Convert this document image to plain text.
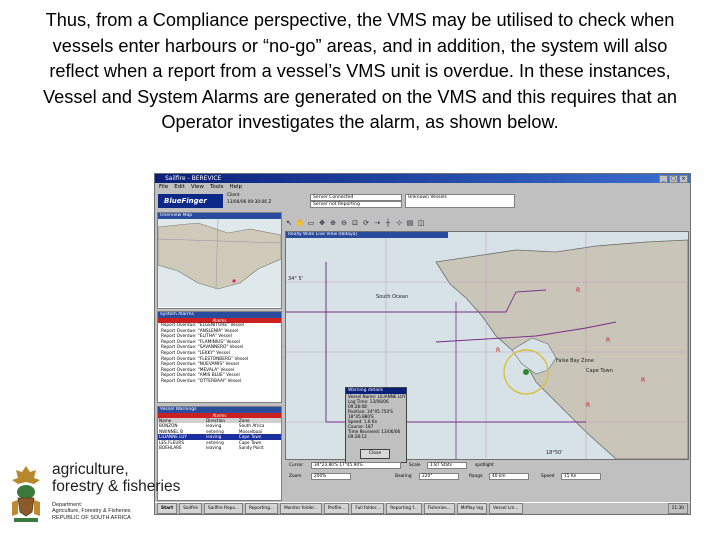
Thus, from a Compliance perspective, the VMS may be utilised to check when vessels enter harbours or “no-go” areas, and in addition, the system will also reflect when a report from a vessel’s VMS unit is overdue. In these instances, Vessel and System Alarms are generated on the VMS and this requires that an Operator investigates the alarm, as shown below.
Sailfire - BEREVICE	_	□	×
File Edit View Tools Help
BlueFinger
Client
13/06/06 09:30:06 Z
Server Connected
Server not Reporting
Unknown Vessels
Overview Map
System Alarms
Alarms
Report Overdue: "ELGENITORE" Vessel
Report Overdue: "ANSLENIA" Vessel
Report Overdue: "ELITHA" Vessel
Report Overdue: "FLAMINIUS" Vessel
Report Overdue: "SAVANNERO" Vessel
Report Overdue: "LEKKY" Vessel
Report Overdue: "FLESTONBERG" Vessel
Report Overdue: "NUEVAMIS" Vessel
Report Overdue: "MEVALA" Vessel
Report Overdue: "AMIS BLUE" Vessel
Report Overdue: "OTTERBAAI" Vessel
Vessel Warnings
Alarms
Name	Direction	Zone
BONZON	leaving	South Africa
NWINNEL B	entering	Mosselbaai
LILIANNE LUY	leaving	Cape Town
LES FLEURS	entering	Cape Town
BOEHLARE	leaving	Sandy Point
↖ ✋ ▭ ✥ ⊕ ⊖ ⊡ ⟳ ⇢ ┼ ⊹ ▤ ◫
Really Wide Live View (Ibdaya)
R
R
R
R
R
South Ocean
False Bay Zone
Cape Town
18°50'
34° 5'
Warning details
Vessel Name: LILIANNE LUY
Log Time: 13/06/06 09:28:08
Position: 34°05.750'S 18°45.880'E
Speed: 1.6 Kn
Course: 187
Time Received: 13/06/06 09:28:12
Close
Cursor	34°23.80'S 17°45.90'E	Scale	1:87 Stats	spotlight
Zoom	200%	Bearing	220°	Range	40 km	Speed	15 Kn
Start	Sailfire	Sailfire Repo...	Reporting...	Monitor folder...	Profile...	Full folder...	Reporting f...	Fisheries...	MrMay log	Vessel Lm...	11:30
agriculture,
forestry & fisheries
Department:
Agriculture, Forestry & Fisheries
REPUBLIC OF SOUTH AFRICA
